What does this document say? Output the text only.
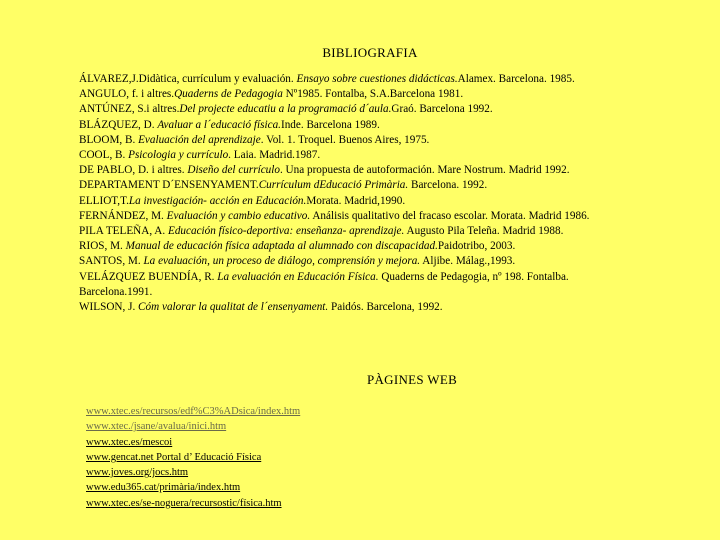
BIBLIOGRAFIA
ÁLVAREZ,J.Didàtica, currículum y evaluación. Ensayo sobre cuestiones didácticas.Alamex. Barcelona. 1985.
ANGULO, f. i altres.Quaderns de Pedagogia Nº1985. Fontalba, S.A.Barcelona 1981.
ANTÚNEZ, S.i altres.Del projecte educatiu a la programació d´aula.Graó. Barcelona 1992.
BLÁZQUEZ, D. Avaluar a l´educació física.Inde. Barcelona 1989.
BLOOM, B. Evaluación del aprendizaje. Vol. 1. Troquel. Buenos Aires, 1975.
COOL, B. Psicologia y currículo. Laia. Madrid.1987.
DE PABLO, D. i altres. Diseño del currículo. Una propuesta de autoformación. Mare Nostrum. Madrid 1992.
DEPARTAMENT D´ENSENYAMENT.Currículum dEducació Primària. Barcelona. 1992.
ELLIOT,T.La investigación- acción en Educación.Morata. Madrid,1990.
FERNÁNDEZ, M. Evaluación y cambio educativo. Análisis qualitativo del fracaso escolar. Morata. Madrid 1986.
PILA TELEÑA, A. Educación físico-deportiva: enseñanza- aprendizaje. Augusto Pila Teleña. Madrid 1988.
RIOS, M. Manual de educación física adaptada al alumnado con discapacidad.Paidotribo, 2003.
SANTOS, M. La evaluación, un proceso de diálogo, comprensión y mejora. Aljibe. Málag.,1993.
VELÁZQUEZ BUENDÍA, R. La evaluación en Educación Física. Quaderns de Pedagogia, nº 198. Fontalba.
Barcelona.1991.
WILSON, J. Cóm valorar la qualitat de l´ensenyament. Paidós. Barcelona, 1992.
PÀGINES WEB
www.xtec.es/recursos/edf%C3%ADsica/index.htm
www.xtec./jsane/avalua/inici.htm
www.xtec.es/mescoi
www.gencat.net Portal d’ Educació Física
www.joves.org/jocs.htm
www.edu365.cat/primària/index.htm
www.xtec.es/se-noguera/recursostic/física.htm
